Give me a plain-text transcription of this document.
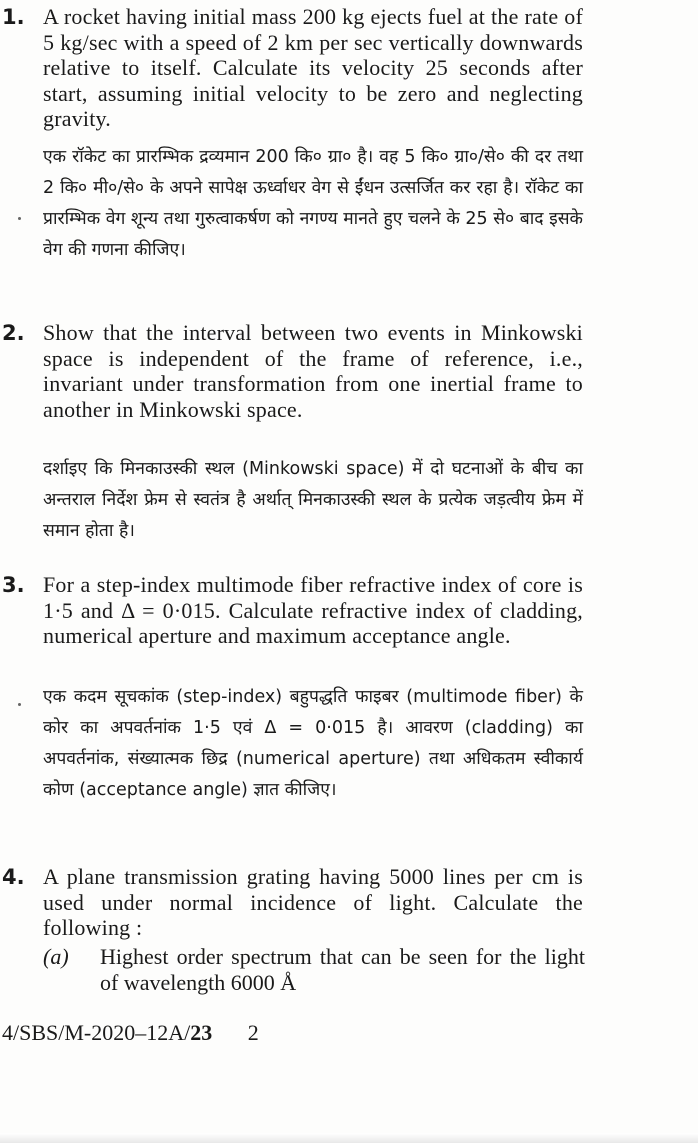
1. A rocket having initial mass 200 kg ejects fuel at the rate of 5 kg/sec with a speed of 2 km per sec vertically downwards relative to itself. Calculate its velocity 25 seconds after start, assuming initial velocity to be zero and neglecting gravity.
एक रॉकेट का प्रारम्भिक द्रव्यमान 200 कि० ग्रा० है। वह 5 कि० ग्रा०/से० की दर तथा 2 कि० मी०/से० के अपने सापेक्ष ऊर्ध्वाधर वेग से ईंधन उत्सर्जित कर रहा है। रॉकेट का प्रारम्भिक वेग शून्य तथा गुरुत्वाकर्षण को नगण्य मानते हुए चलने के 25 से० बाद इसके वेग की गणना कीजिए।
2. Show that the interval between two events in Minkowski space is independent of the frame of reference, i.e., invariant under transformation from one inertial frame to another in Minkowski space.
दर्शाइए कि मिनकाउस्की स्थल (Minkowski space) में दो घटनाओं के बीच का अन्तराल निर्देश फ्रेम से स्वतंत्र है अर्थात् मिनकाउस्की स्थल के प्रत्येक जड़त्वीय फ्रेम में समान होता है।
3. For a step-index multimode fiber refractive index of core is 1·5 and Δ = 0·015. Calculate refractive index of cladding, numerical aperture and maximum acceptance angle.
एक कदम सूचकांक (step-index) बहुपद्धति फाइबर (multimode fiber) के कोर का अपवर्तनांक 1·5 एवं Δ = 0·015 है। आवरण (cladding) का अपवर्तनांक, संख्यात्मक छिद्र (numerical aperture) तथा अधिकतम स्वीकार्य कोण (acceptance angle) ज्ञात कीजिए।
4. A plane transmission grating having 5000 lines per cm is used under normal incidence of light. Calculate the following :
(a) Highest order spectrum that can be seen for the light of wavelength 6000 Å
4/SBS/M-2020–12A/23 2
